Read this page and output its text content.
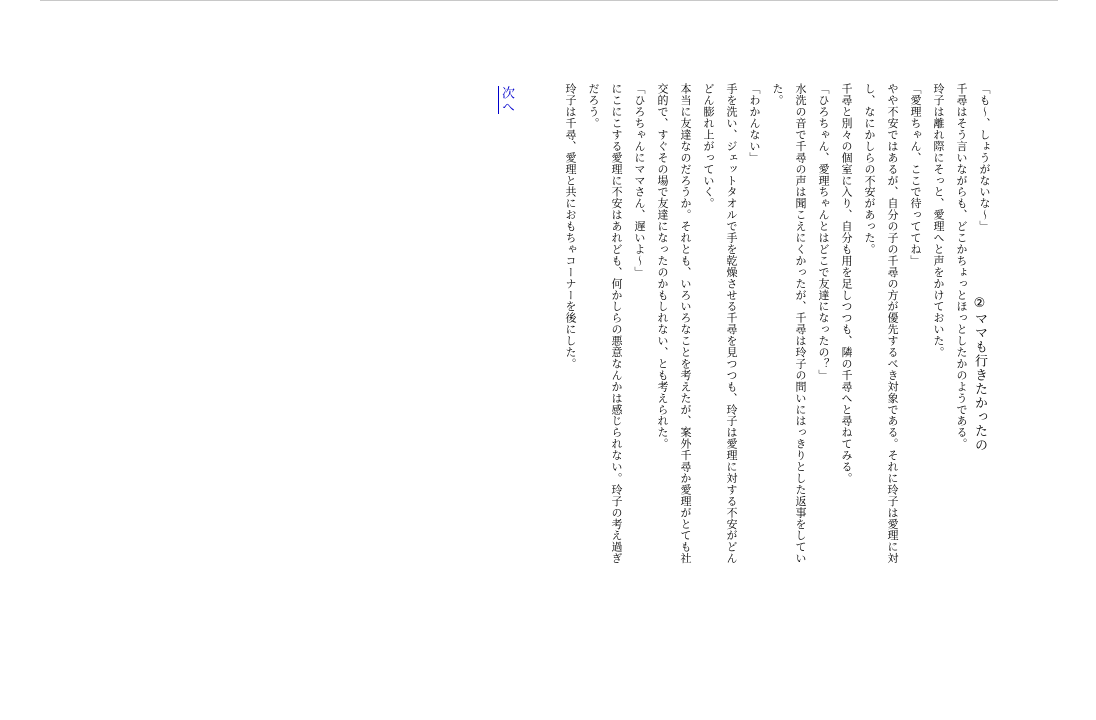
②ママも行きたかったの

「も〜、しょうがないな〜」

千尋はそう言いながらも、どこかちょっとほっとしたかのようである。

玲子は離れ際にそっと、愛理へと声をかけておいた。

「愛理ちゃん、ここで待っててね」

やや不安ではあるが、自分の子の千尋の方が優先するべき対象である。それに玲子は愛理に対

し、なにかしらの不安があった。

千尋と別々の個室に入り、自分も用を足しつつも、隣の千尋へと尋ねてみる。

「ひろちゃん、愛理ちゃんとはどこで友達になったの？」

水洗の音で千尋の声は聞こえにくかったが、千尋は玲子の問いにはっきりとした返事をしてい

た。

「わかんない」

手を洗い、ジェットタオルで手を乾燥させる千尋を見つつも、玲子は愛理に対する不安がどん

どん膨れ上がっていく。

本当に友達なのだろうか。それとも、いろいろなことを考えたが、案外千尋か愛理がとても社

交的で、すぐその場で友達になったのかもしれない、とも考えられた。

「ひろちゃんにママさん、遅いよ〜」

にこにこする愛理に不安はあれども、何かしらの悪意なんかは感じられない。玲子の考え過ぎ

だろう。

玲子は千尋、愛理と共におもちゃコーナーを後にした。

次へ
